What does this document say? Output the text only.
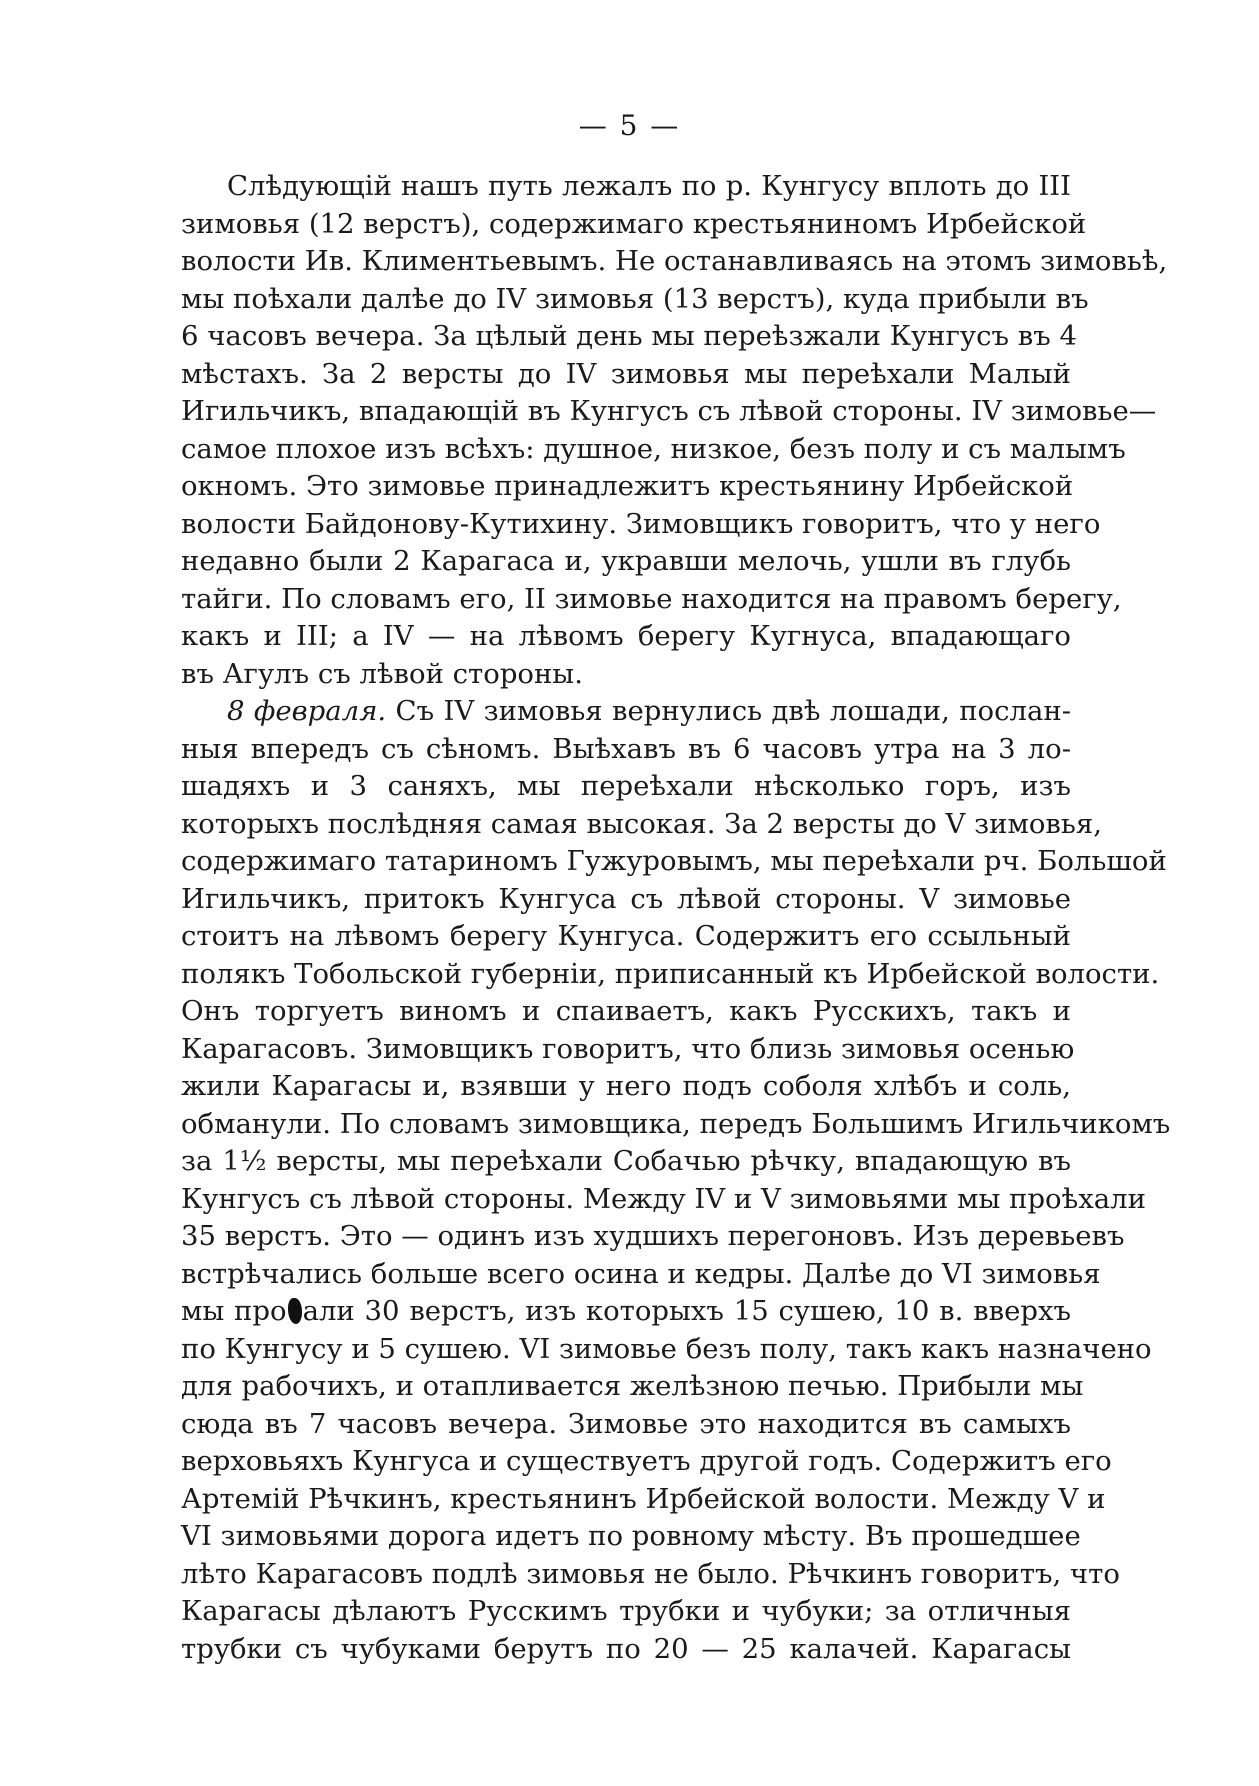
— 5 —
Слѣдующій нашъ путь лежалъ по р. Кунгусу вплоть до III
зимовья (12 верстъ), содержимаго крестьяниномъ Ирбейской
волости Ив. Климентьевымъ. Не останавливаясь на этомъ зимовьѣ,
мы поѣхали далѣе до IV зимовья (13 верстъ), куда прибыли въ
6 часовъ вечера. За цѣлый день мы переѣзжали Кунгусъ въ 4
мѣстахъ. За 2 версты до IV зимовья мы переѣхали Малый
Игильчикъ, впадающій въ Кунгусъ съ лѣвой стороны. IV зимовье—
самое плохое изъ всѣхъ: душное, низкое, безъ полу и съ малымъ
окномъ. Это зимовье принадлежитъ крестьянину Ирбейской
волости Байдонову-Кутихину. Зимовщикъ говоритъ, что у него
недавно были 2 Карагаса и, укравши мелочь, ушли въ глубь
тайги. По словамъ его, II зимовье находится на правомъ берегу,
какъ и III; а IV — на лѣвомъ берегу Кугнуса, впадающаго
въ Агулъ съ лѣвой стороны.
8 февраля. Съ IV зимовья вернулись двѣ лошади, послан-
ныя впередъ съ сѣномъ. Выѣхавъ въ 6 часовъ утра на 3 ло-
шадяхъ и 3 саняхъ, мы переѣхали нѣсколько горъ, изъ
которыхъ послѣдняя самая высокая. За 2 версты до V зимовья,
содержимаго татариномъ Гужуровымъ, мы переѣхали рч. Большой
Игильчикъ, притокъ Кунгуса съ лѣвой стороны. V зимовье
стоитъ на лѣвомъ берегу Кунгуса. Содержитъ его ссыльный
полякъ Тобольской губерніи, приписанный къ Ирбейской волости.
Онъ торгуетъ виномъ и спаиваетъ, какъ Русскихъ, такъ и
Карагасовъ. Зимовщикъ говоритъ, что близь зимовья осенью
жили Карагасы и, взявши у него подъ соболя хлѣбъ и соль,
обманули. По словамъ зимовщика, передъ Большимъ Игильчикомъ
за 1½ версты, мы переѣхали Собачью рѣчку, впадающую въ
Кунгусъ съ лѣвой стороны. Между IV и V зимовьями мы проѣхали
35 верстъ. Это — одинъ изъ худшихъ перегоновъ. Изъ деревьевъ
встрѣчались больше всего осина и кедры. Далѣе до VI зимовья
мы про али 30 верстъ, изъ которыхъ 15 сушею, 10 в. вверхъ
по Кунгусу и 5 сушею. VI зимовье безъ полу, такъ какъ назначено
для рабочихъ, и отапливается желѣзною печью. Прибыли мы
сюда въ 7 часовъ вечера. Зимовье это находится въ самыхъ
верховьяхъ Кунгуса и существуетъ другой годъ. Содержитъ его
Артемій Рѣчкинъ, крестьянинъ Ирбейской волости. Между V и
VI зимовьями дорога идетъ по ровному мѣсту. Въ прошедшее
лѣто Карагасовъ подлѣ зимовья не было. Рѣчкинъ говоритъ, что
Карагасы дѣлаютъ Русскимъ трубки и чубуки; за отличныя
трубки съ чубуками берутъ по 20 — 25 калачей. Карагасы
